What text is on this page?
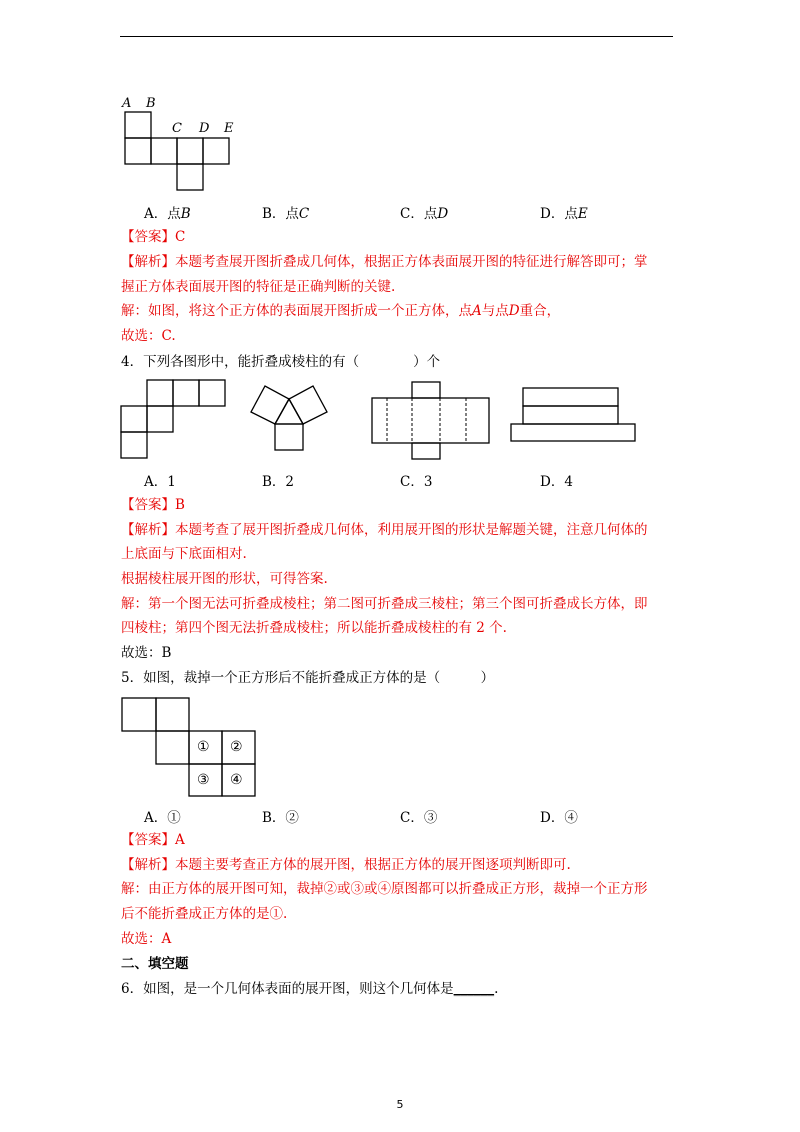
A B
C D E
A．点B	B．点C	C．点D	D．点E
【答案】C
【解析】本题考查展开图折叠成几何体，根据正方体表面展开图的特征进行解答即可；掌
握正方体表面展开图的特征是正确判断的关键.
解：如图，将这个正方体的表面展开图折成一个正方体，点A与点D重合，
故选：C.
4．下列各图形中，能折叠成棱柱的有（　　　　）个
A．1	B．2	C．3	D．4
【答案】B
【解析】本题考查了展开图折叠成几何体，利用展开图的形状是解题关键，注意几何体的
上底面与下底面相对.
根据棱柱展开图的形状，可得答案.
解：第一个图无法可折叠成棱柱；第二图可折叠成三棱柱；第三个图可折叠成长方体，即
四棱柱；第四个图无法折叠成棱柱；所以能折叠成棱柱的有 2 个.
故选：B
5．如图，裁掉一个正方形后不能折叠成正方体的是（　　　）
① ②
③ ④
A．①	B．②	C．③	D．④
【答案】A
【解析】本题主要考查正方体的展开图，根据正方体的展开图逐项判断即可.
解：由正方体的展开图可知，裁掉②或③或④原图都可以折叠成正方形，裁掉一个正方形
后不能折叠成正方体的是①.
故选：A
二、填空题
6．如图，是一个几何体表面的展开图，则这个几何体是______.
5
